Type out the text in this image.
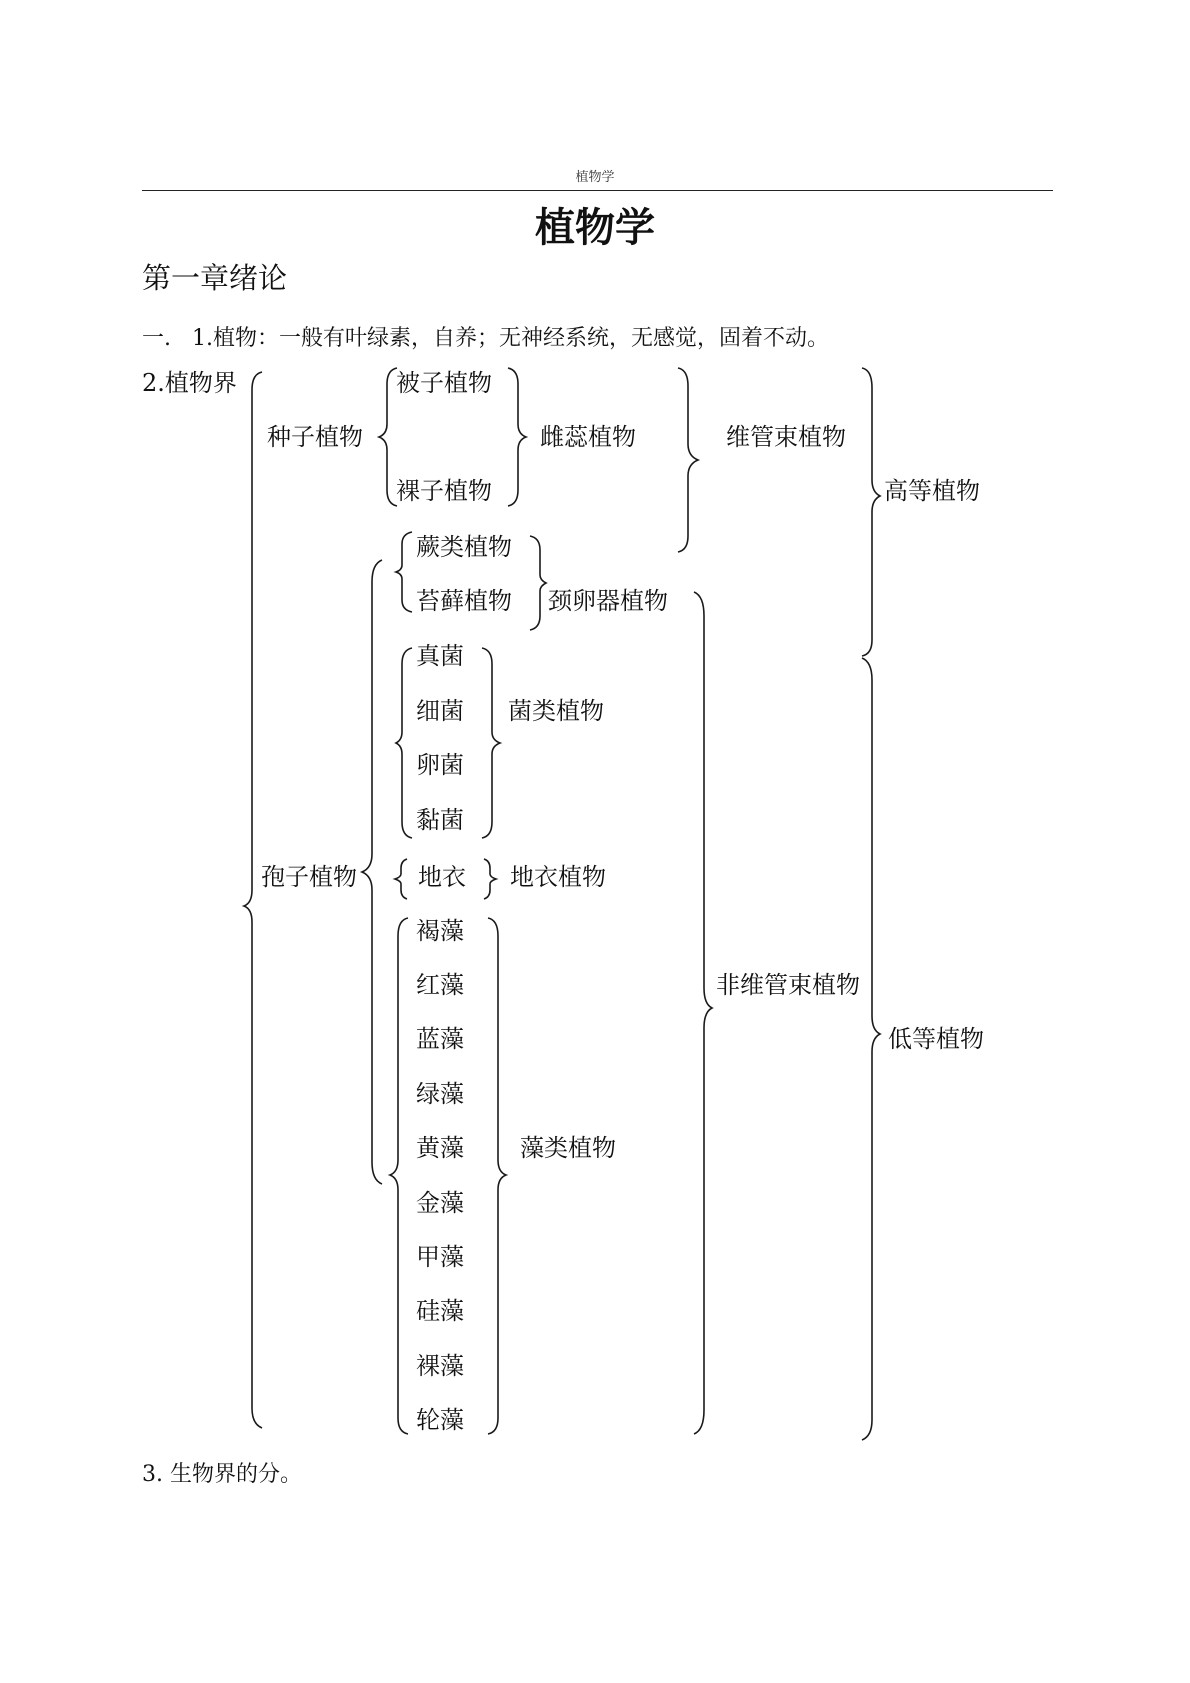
植物学
植物学
第一章绪论
一.   1.植物：一般有叶绿素，自养；无神经系统，无感觉，固着不动。
2.植物界
种子植物
被子植物
裸子植物
雌蕊植物	维管束植物
高等植物
孢子植物
蕨类植物
苔藓植物 颈卵器植物
真菌
细菌
卵菌
黏菌
菌类植物
地衣 地衣植物
褐藻
红藻
蓝藻
绿藻
黄藻
金藻
甲藻
硅藻
裸藻
轮藻
藻类植物
非维管束植物
低等植物
3. 生物界的分。
